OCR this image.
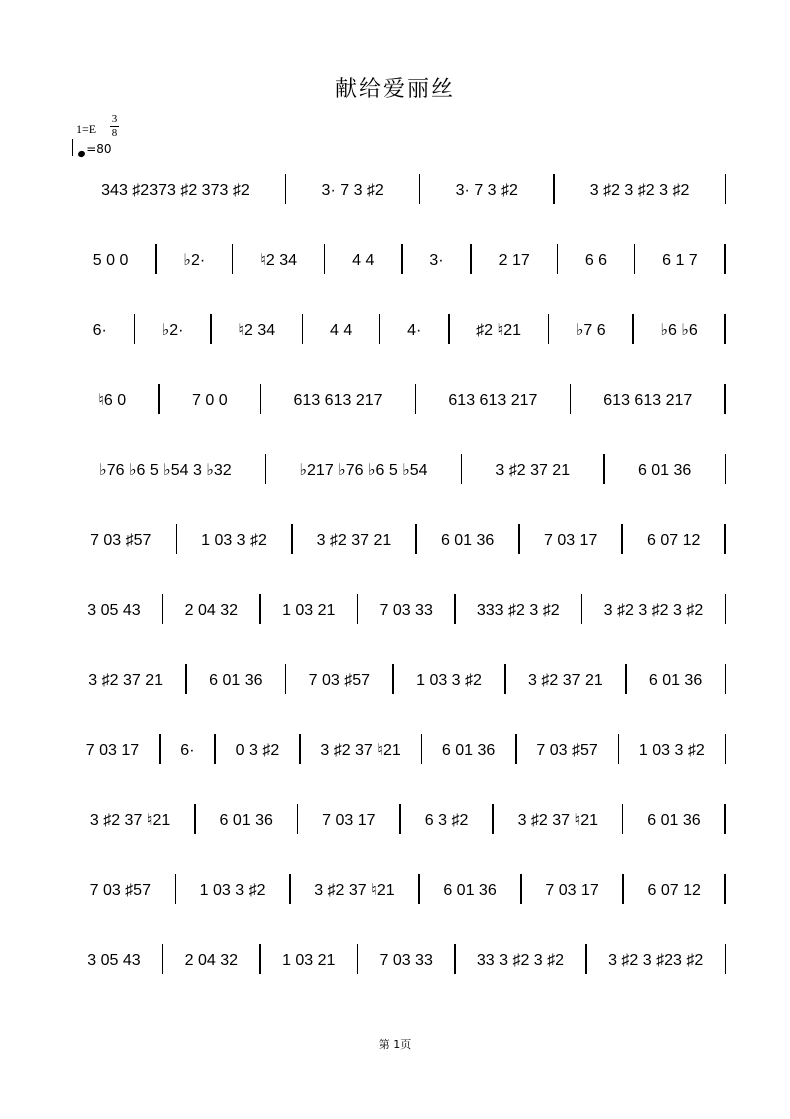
献给爱丽丝
1=E
3
8
=80
343 ♯2373 ♯2 373 ♯2	3· 7 3 ♯2	3· 7 3 ♯2	3 ♯2 3 ♯2 3 ♯2
5 0 0	♭2·	♮2 34	4 4	3·	2 17	6 6	6 1 7
6·	♭2·	♮2 34	4 4	4·	♯2 ♮21	♭7 6	♭6 ♭6
♮6 0	7 0 0	613 613 217	613 613 217	613 613 217
♭76 ♭6 5 ♭54 3 ♭32	♭217 ♭76 ♭6 5 ♭54	3 ♯2 37 21	6 01 36
7 03 ♯57	1 03 3 ♯2	3 ♯2 37 21	6 01 36	7 03 17	6 07 12
3 05 43	2 04 32	1 03 21	7 03 33	333 ♯2 3 ♯2	3 ♯2 3 ♯2 3 ♯2
3 ♯2 37 21	6 01 36	7 03 ♯57	1 03 3 ♯2	3 ♯2 37 21	6 01 36
7 03 17	6·	0 3 ♯2	3 ♯2 37 ♮21	6 01 36	7 03 ♯57	1 03 3 ♯2
3 ♯2 37 ♮21	6 01 36	7 03 17	6 3 ♯2	3 ♯2 37 ♮21	6 01 36
7 03 ♯57	1 03 3 ♯2	3 ♯2 37 ♮21	6 01 36	7 03 17	6 07 12
3 05 43	2 04 32	1 03 21	7 03 33	33 3 ♯2 3 ♯2	3 ♯2 3 ♯23 ♯2
第 1页
